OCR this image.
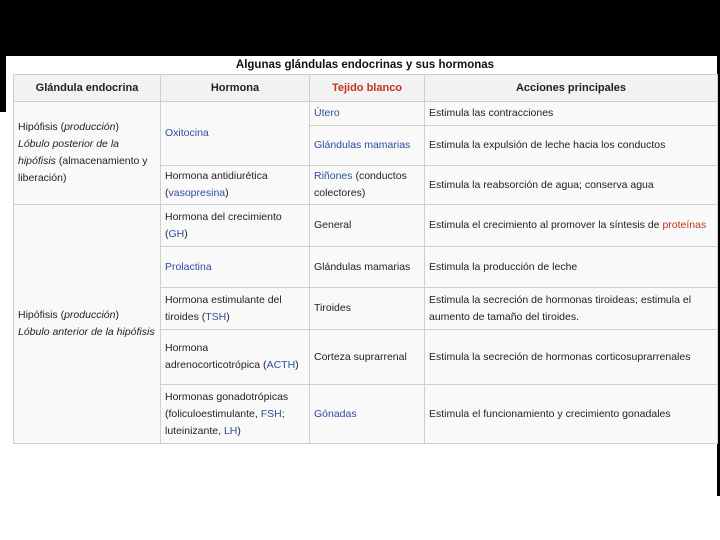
Algunas glándulas endocrinas y sus hormonas
Glándula endocrina	Hormona	Tejido blanco	Acciones principales
Hipófisis (producción)
Lóbulo posterior de la hipófisis (almacenamiento y liberación)	Oxitocina	Útero	Estimula las contracciones
		Glándulas mamarias	Estimula la expulsión de leche hacia los conductos
	Hormona antidiurética (vasopresina)	Riñones (conductos colectores)	Estimula la reabsorción de agua; conserva agua
Hipófisis (producción)
Lóbulo anterior de la hipófisis	Hormona del crecimiento (GH)	General	Estimula el crecimiento al promover la síntesis de proteínas
	Prolactina	Glándulas mamarias	Estimula la producción de leche
	Hormona estimulante del tiroides (TSH)	Tiroides	Estimula la secreción de hormonas tiroideas; estimula el aumento de tamaño del tiroides.
	Hormona adrenocorticotrópica (ACTH)	Corteza suprarrenal	Estimula la secreción de hormonas corticosuprarrenales
	Hormonas gonadotrópicas (foliculoestimulante, FSH; luteinizante, LH)	Gónadas	Estimula el funcionamiento y crecimiento gonadales
